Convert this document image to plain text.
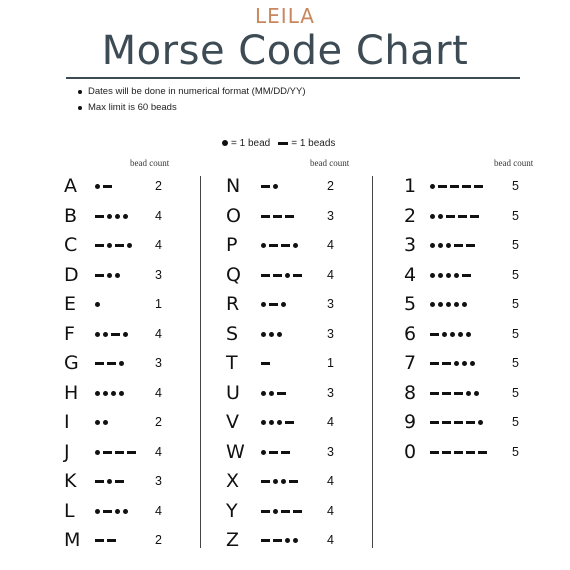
LEILA
Morse Code Chart
Dates will be done in numerical format (MM/DD/YY)
Max limit is 60 beads
= 1 bead = 1 beads
bead count	bead count	bead count
A	2
B	4
C	4
D	3
E	1
F	4
G	3
H	4
I	2
J	4
K	3
L	4
M	2
N	2
O	3
P	4
Q	4
R	3
S	3
T	1
U	3
V	4
W	3
X	4
Y	4
Z	4
1	5
2	5
3	5
4	5
5	5
6	5
7	5
8	5
9	5
0	5
